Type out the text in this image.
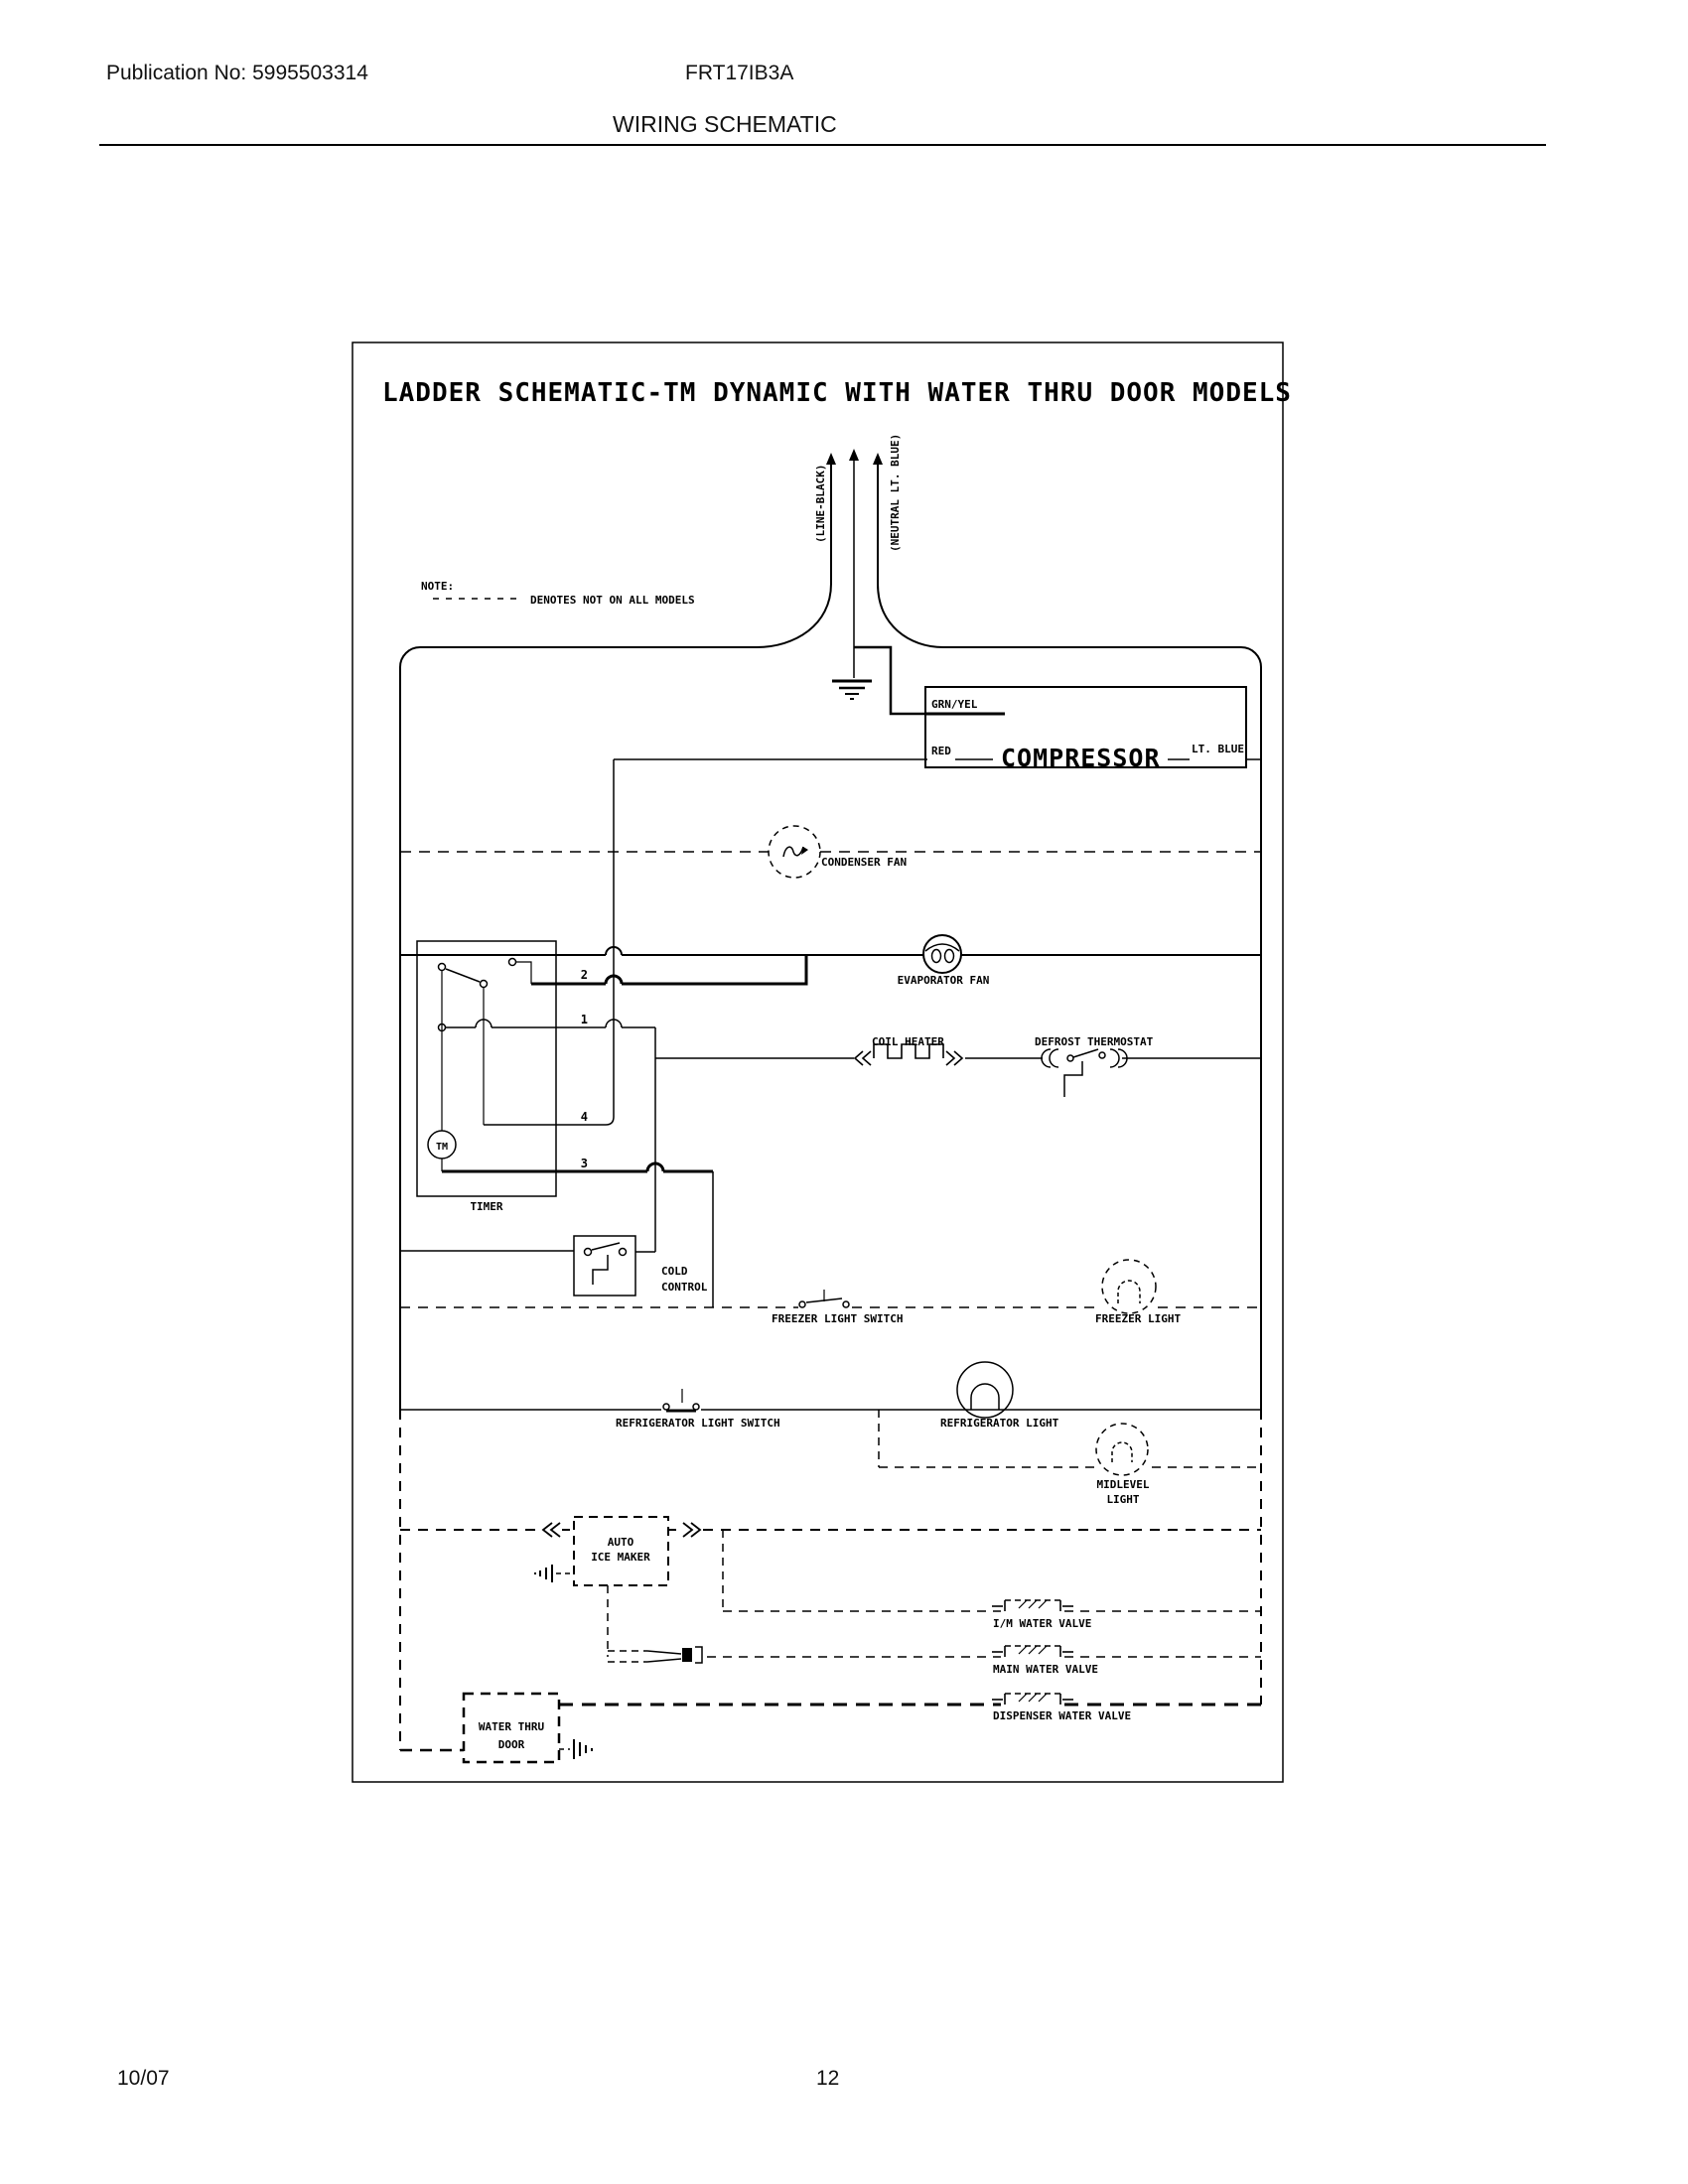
Publication No: 5995503314	FRT17IB3A
WIRING SCHEMATIC
10/07	12
LADDER SCHEMATIC-TM DYNAMIC WITH WATER THRU DOOR MODELS
NOTE:
DENOTES NOT ON ALL MODELS
(LINE-BLACK)	(NEUTRAL LT. BLUE)
GRN/YEL
RED	LT. BLUE
COMPRESSOR
CONDENSER FAN
EVAPORATOR FAN
COIL HEATER	DEFROST THERMOSTAT
TM
2
1
4
3
TIMER
COLD
CONTROL
FREEZER LIGHT SWITCH	FREEZER LIGHT
REFRIGERATOR LIGHT SWITCH	REFRIGERATOR LIGHT
MIDLEVEL
LIGHT
AUTO
ICE MAKER
I/M WATER VALVE
MAIN WATER VALVE
DISPENSER WATER VALVE
WATER THRU
DOOR
